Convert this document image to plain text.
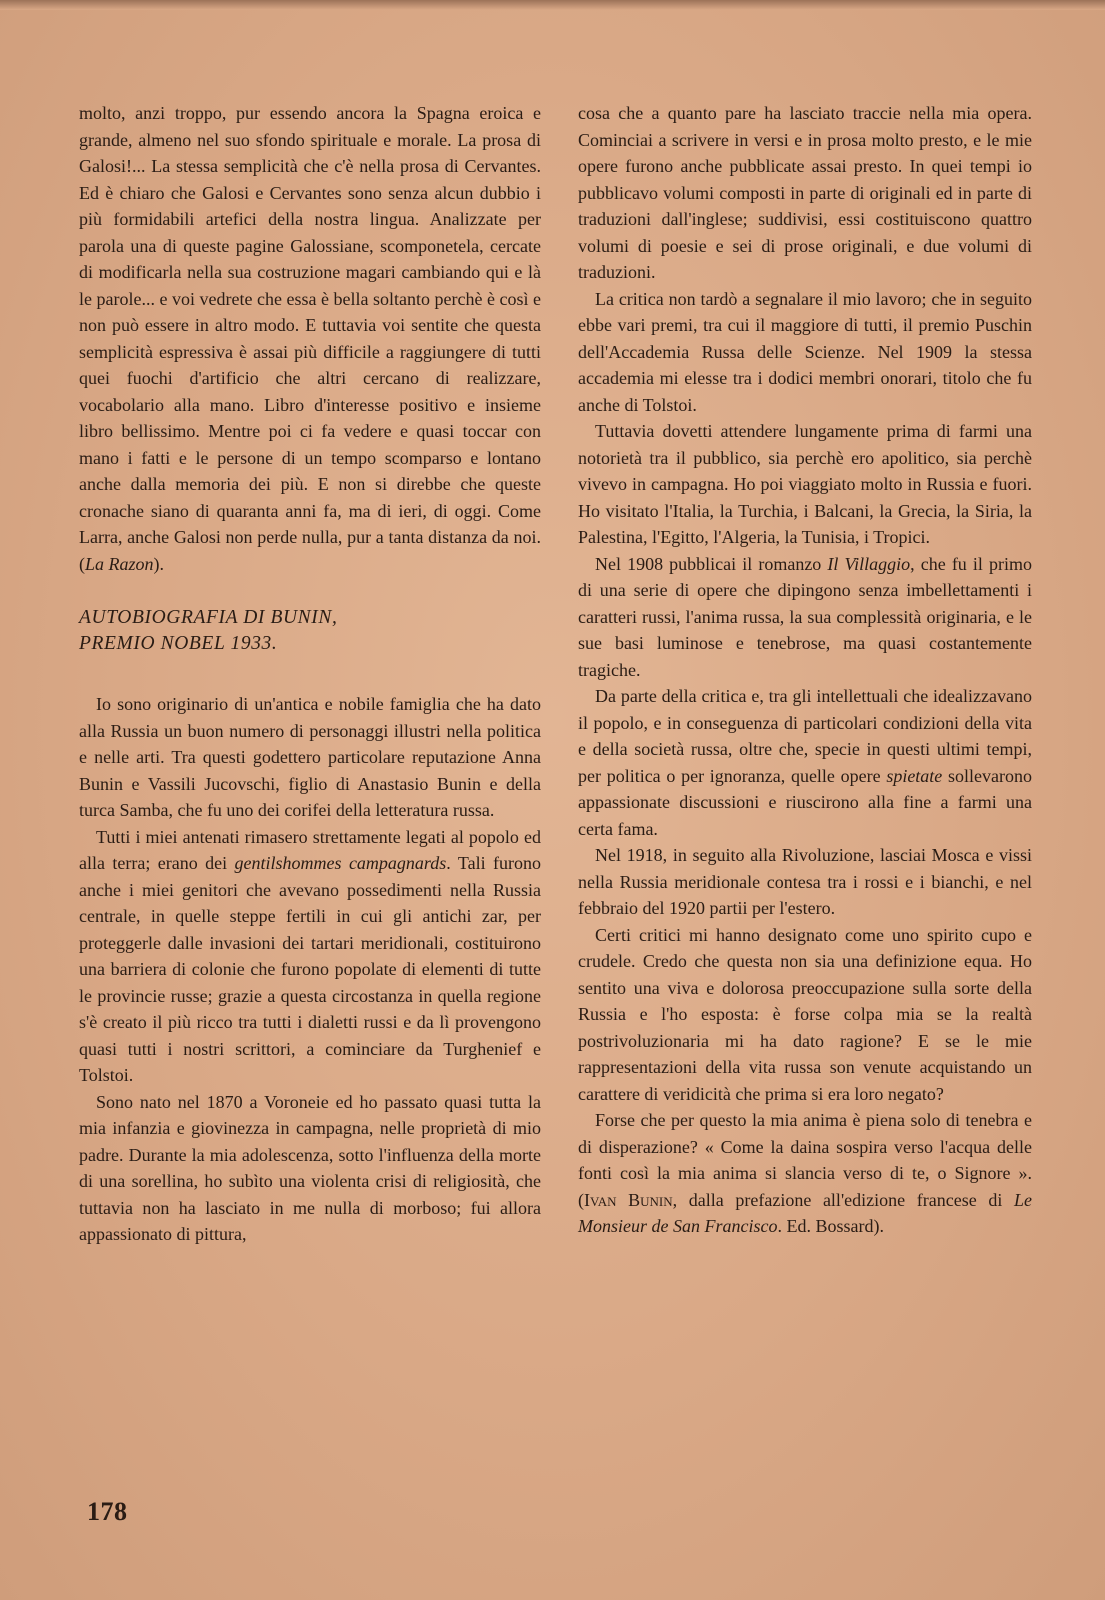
molto, anzi troppo, pur essendo ancora la Spagna eroica e grande, almeno nel suo sfondo spirituale e morale. La prosa di Galosi!... La stessa semplicità che c'è nella prosa di Cervantes. Ed è chiaro che Galosi e Cervantes sono senza alcun dubbio i più formidabili artefici della nostra lingua. Analizzate per parola una di queste pagine Galossiane, scomponetela, cercate di modificarla nella sua costruzione magari cambiando qui e là le parole... e voi vedrete che essa è bella soltanto perchè è così e non può essere in altro modo. E tuttavia voi sentite che questa semplicità espressiva è assai più difficile a raggiungere di tutti quei fuochi d'artificio che altri cercano di realizzare, vocabolario alla mano. Libro d'interesse positivo e insieme libro bellissimo. Mentre poi ci fa vedere e quasi toccar con mano i fatti e le persone di un tempo scomparso e lontano anche dalla memoria dei più. E non si direbbe che queste cronache siano di quaranta anni fa, ma di ieri, di oggi. Come Larra, anche Galosi non perde nulla, pur a tanta distanza da noi. (La Razon).

AUTOBIOGRAFIA DI BUNIN,
PREMIO NOBEL 1933.

Io sono originario di un'antica e nobile famiglia che ha dato alla Russia un buon numero di personaggi illustri nella politica e nelle arti. Tra questi godettero particolare reputazione Anna Bunin e Vassili Jucovschi, figlio di Anastasio Bunin e della turca Samba, che fu uno dei corifei della letteratura russa.

Tutti i miei antenati rimasero strettamente legati al popolo ed alla terra; erano dei gentilshommes campagnards. Tali furono anche i miei genitori che avevano possedimenti nella Russia centrale, in quelle steppe fertili in cui gli antichi zar, per proteggerle dalle invasioni dei tartari meridionali, costituirono una barriera di colonie che furono popolate di elementi di tutte le provincie russe; grazie a questa circostanza in quella regione s'è creato il più ricco tra tutti i dialetti russi e da lì provengono quasi tutti i nostri scrittori, a cominciare da Turghenief e Tolstoi.

Sono nato nel 1870 a Voroneie ed ho passato quasi tutta la mia infanzia e giovinezza in campagna, nelle proprietà di mio padre. Durante la mia adolescenza, sotto l'influenza della morte di una sorellina, ho subìto una violenta crisi di religiosità, che tuttavia non ha lasciato in me nulla di morboso; fui allora appassionato di pittura,

cosa che a quanto pare ha lasciato traccie nella mia opera. Cominciai a scrivere in versi e in prosa molto presto, e le mie opere furono anche pubblicate assai presto. In quei tempi io pubblicavo volumi composti in parte di originali ed in parte di traduzioni dall'inglese; suddivisi, essi costituiscono quattro volumi di poesie e sei di prose originali, e due volumi di traduzioni.

La critica non tardò a segnalare il mio lavoro; che in seguito ebbe vari premi, tra cui il maggiore di tutti, il premio Puschin dell'Accademia Russa delle Scienze. Nel 1909 la stessa accademia mi elesse tra i dodici membri onorari, titolo che fu anche di Tolstoi.

Tuttavia dovetti attendere lungamente prima di farmi una notorietà tra il pubblico, sia perchè ero apolitico, sia perchè vivevo in campagna. Ho poi viaggiato molto in Russia e fuori. Ho visitato l'Italia, la Turchia, i Balcani, la Grecia, la Siria, la Palestina, l'Egitto, l'Algeria, la Tunisia, i Tropici.

Nel 1908 pubblicai il romanzo Il Villaggio, che fu il primo di una serie di opere che dipingono senza imbellettamenti i caratteri russi, l'anima russa, la sua complessità originaria, e le sue basi luminose e tenebrose, ma quasi costantemente tragiche.

Da parte della critica e, tra gli intellettuali che idealizzavano il popolo, e in conseguenza di particolari condizioni della vita e della società russa, oltre che, specie in questi ultimi tempi, per politica o per ignoranza, quelle opere spietate sollevarono appassionate discussioni e riuscirono alla fine a farmi una certa fama.

Nel 1918, in seguito alla Rivoluzione, lasciai Mosca e vissi nella Russia meridionale contesa tra i rossi e i bianchi, e nel febbraio del 1920 partii per l'estero.

Certi critici mi hanno designato come uno spirito cupo e crudele. Credo che questa non sia una definizione equa. Ho sentito una viva e dolorosa preoccupazione sulla sorte della Russia e l'ho esposta: è forse colpa mia se la realtà postrivoluzionaria mi ha dato ragione? E se le mie rappresentazioni della vita russa son venute acquistando un carattere di veridicità che prima si era loro negato?

Forse che per questo la mia anima è piena solo di tenebra e di disperazione? « Come la daina sospira verso l'acqua delle fonti così la mia anima si slancia verso di te, o Signore ». (Ivan Bunin, dalla prefazione all'edizione francese di Le Monsieur de San Francisco. Ed. Bossard).

178
